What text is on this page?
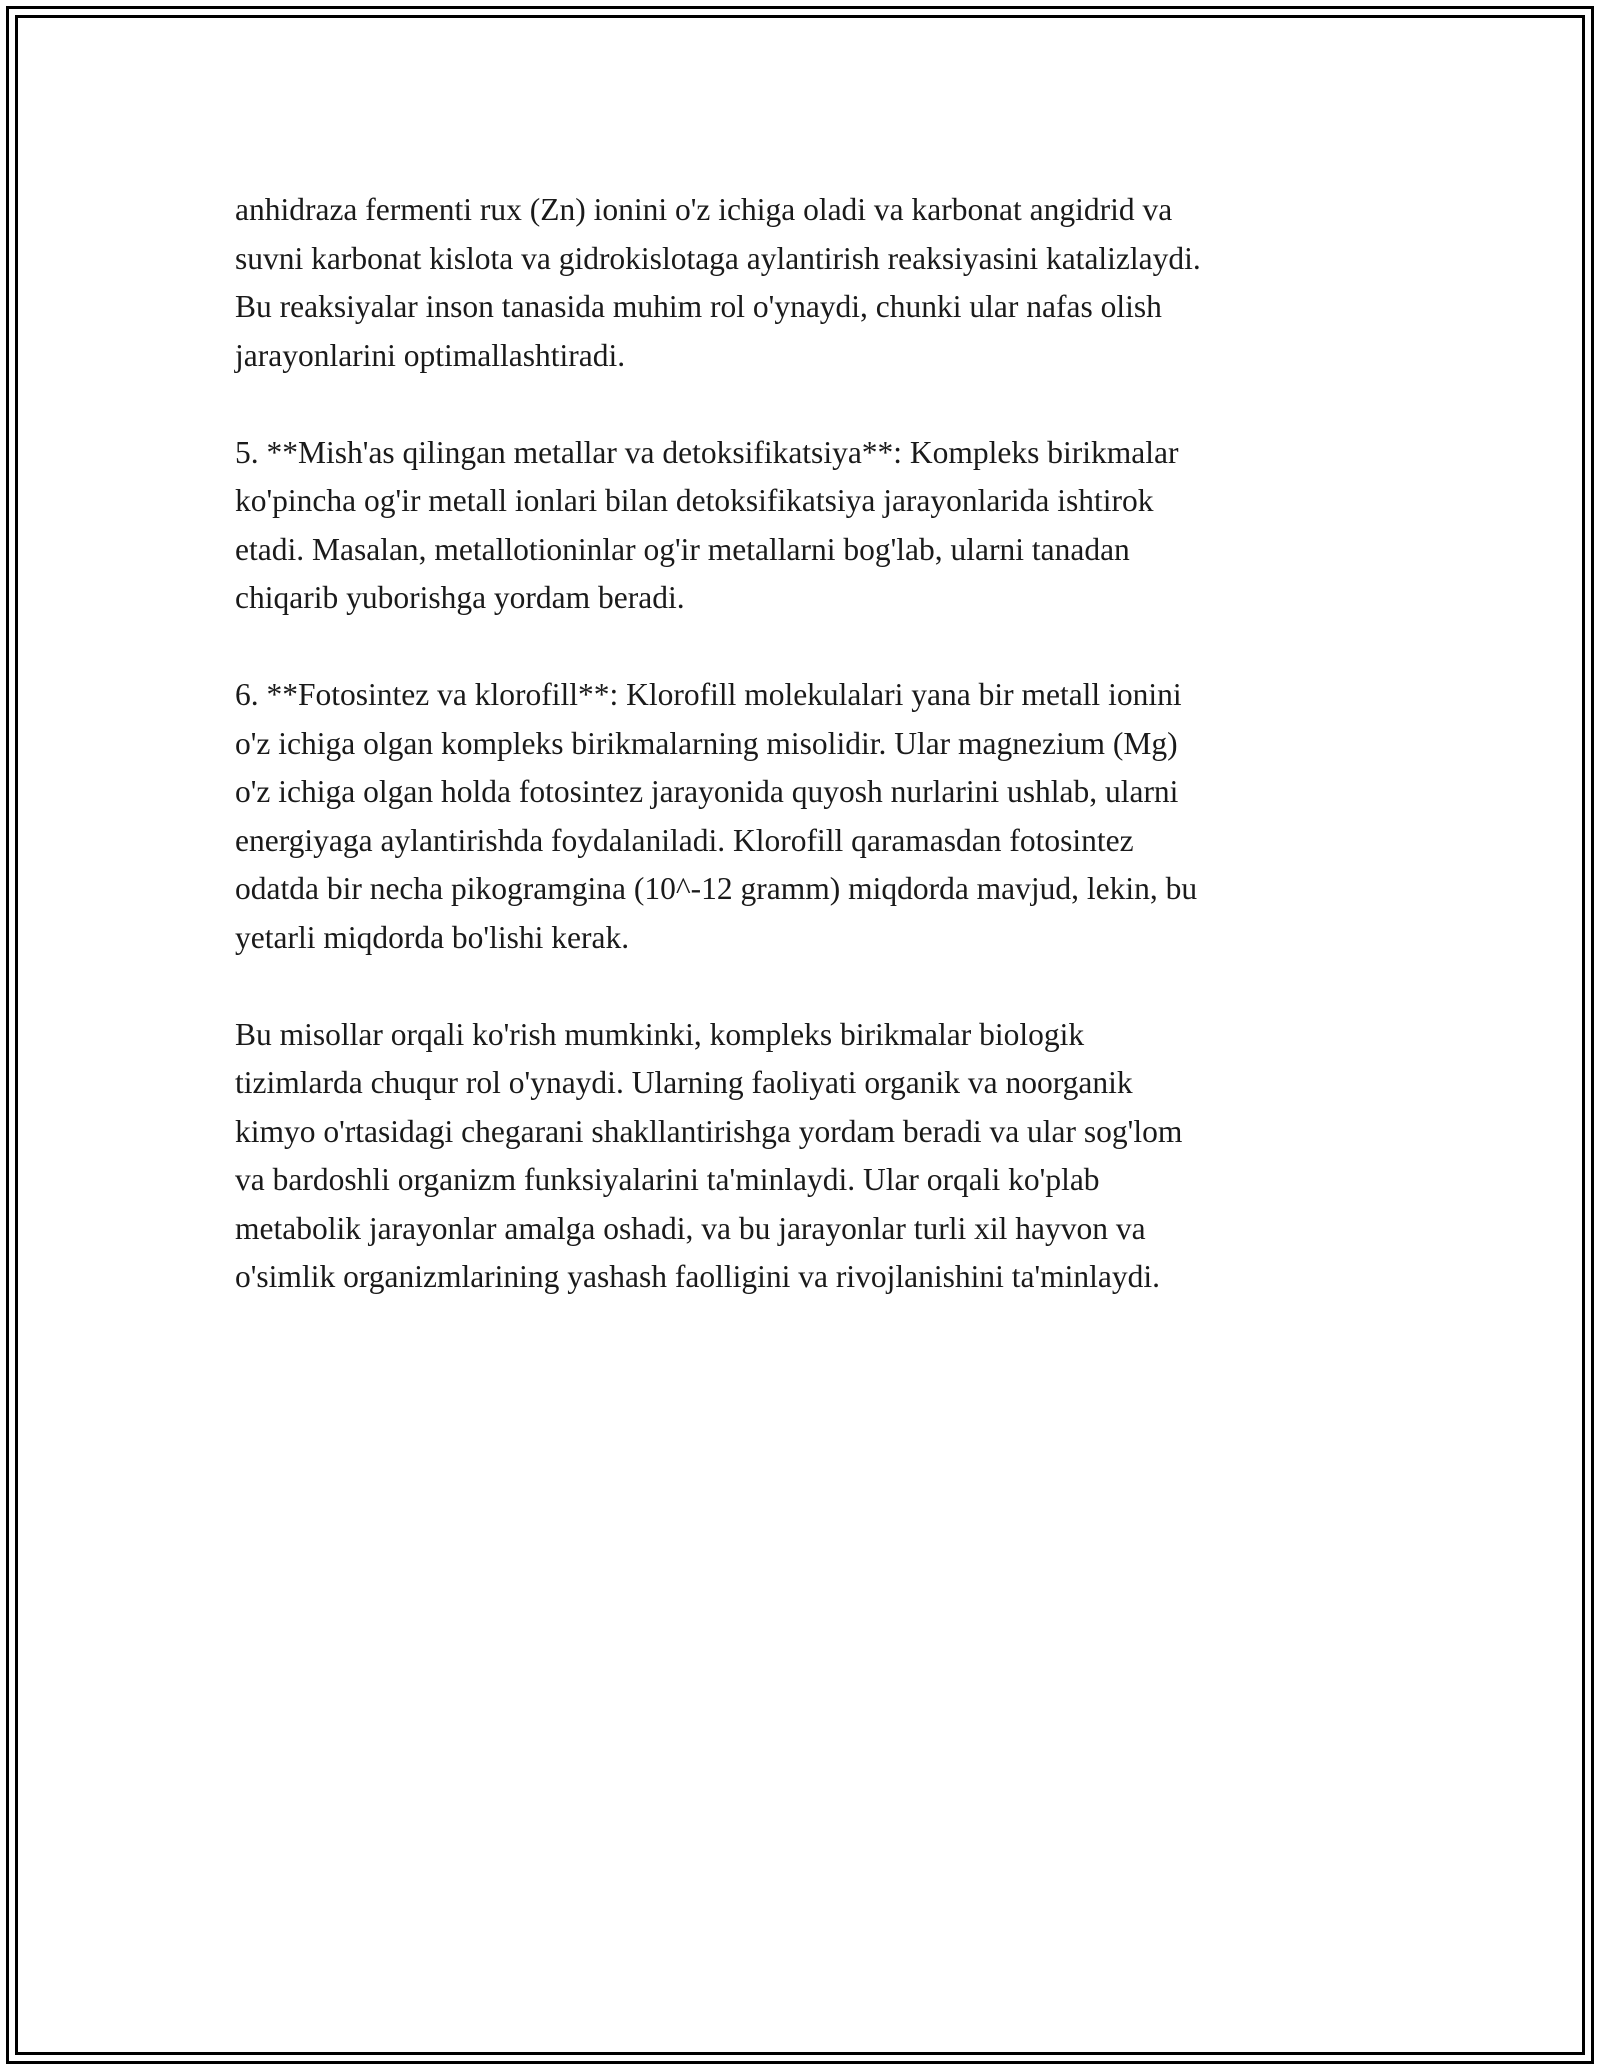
anhidraza fermenti rux (Zn) ionini o'z ichiga oladi va karbonat angidrid va
suvni karbonat kislota va gidrokislotaga aylantirish reaksiyasini katalizlaydi.
Bu reaksiyalar inson tanasida muhim rol o'ynaydi, chunki ular nafas olish
jarayonlarini optimallashtiradi.
5. **Mish'as qilingan metallar va detoksifikatsiya**: Kompleks birikmalar
ko'pincha og'ir metall ionlari bilan detoksifikatsiya jarayonlarida ishtirok
etadi. Masalan, metallotioninlar og'ir metallarni bog'lab, ularni tanadan
chiqarib yuborishga yordam beradi.
6. **Fotosintez va klorofill**: Klorofill molekulalari yana bir metall ionini
o'z ichiga olgan kompleks birikmalarning misolidir. Ular magnezium (Mg)
o'z ichiga olgan holda fotosintez jarayonida quyosh nurlarini ushlab, ularni
energiyaga aylantirishda foydalaniladi. Klorofill qaramasdan fotosintez
odatda bir necha pikogramgina (10^-12 gramm) miqdorda mavjud, lekin, bu
yetarli miqdorda bo'lishi kerak.
Bu misollar orqali ko'rish mumkinki, kompleks birikmalar biologik
tizimlarda chuqur rol o'ynaydi. Ularning faoliyati organik va noorganik
kimyo o'rtasidagi chegarani shakllantirishga yordam beradi va ular sog'lom
va bardoshli organizm funksiyalarini ta'minlaydi. Ular orqali ko'plab
metabolik jarayonlar amalga oshadi, va bu jarayonlar turli xil hayvon va
o'simlik organizmlarining yashash faolligini va rivojlanishini ta'minlaydi.
